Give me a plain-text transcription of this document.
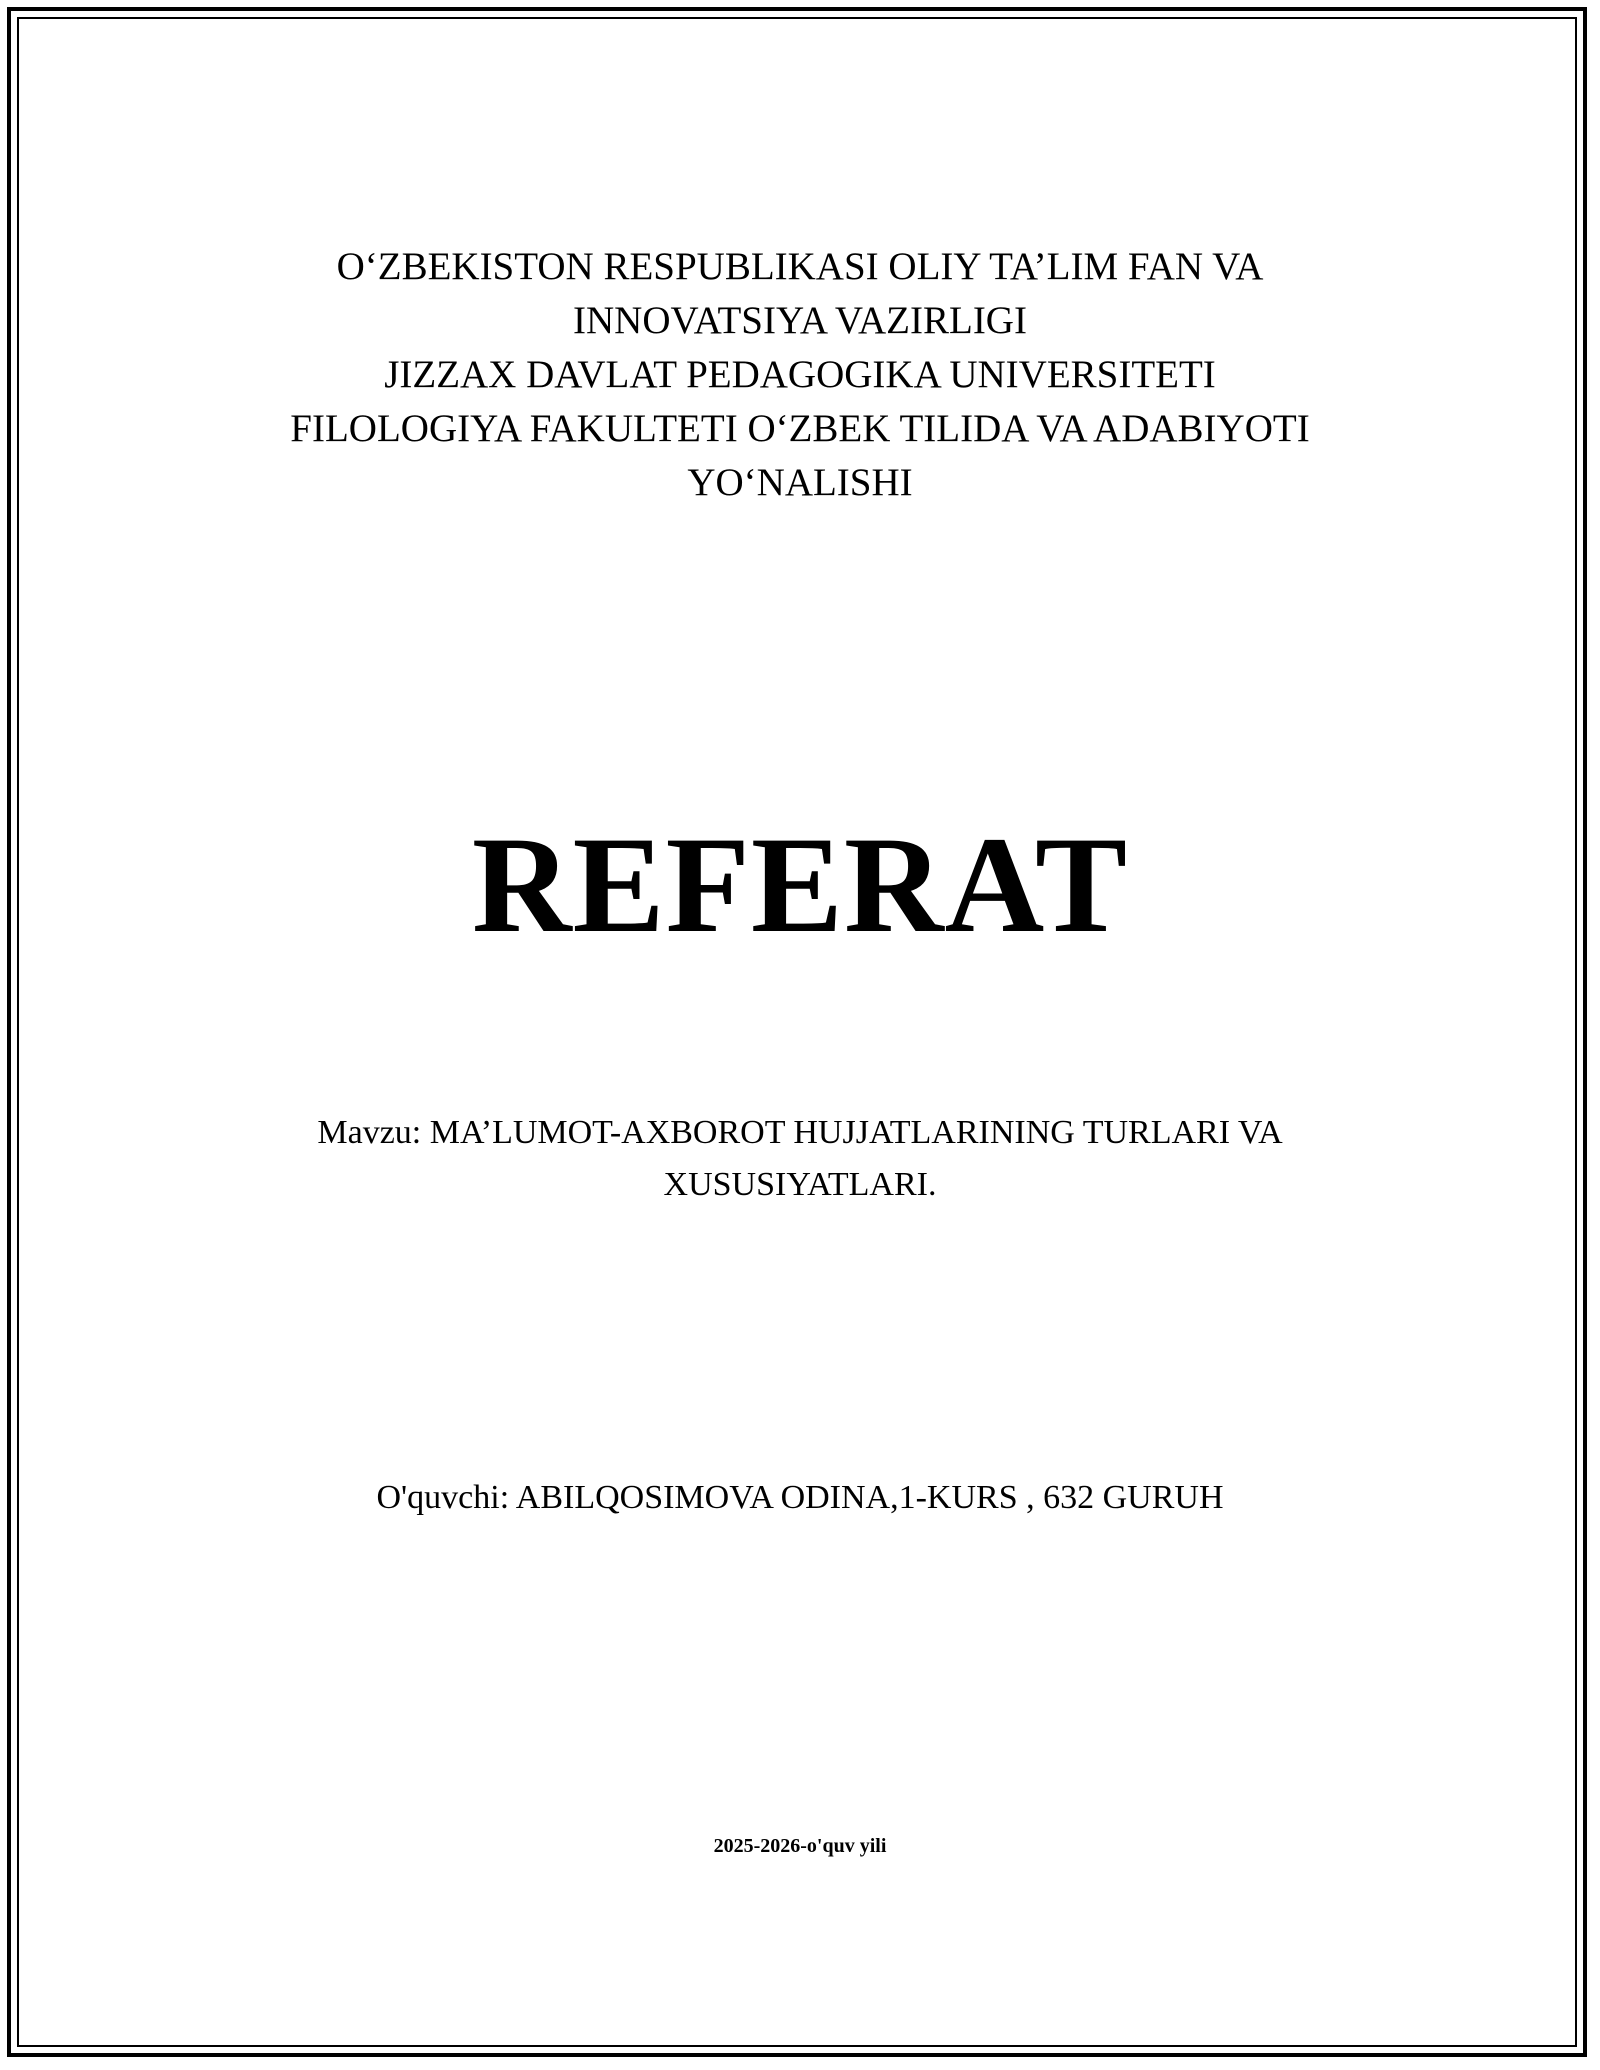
O‘ZBEKISTON RESPUBLIKASI OLIY TA’LIM FAN VA
INNOVATSIYA VAZIRLIGI
JIZZAX DAVLAT PEDAGOGIKA UNIVERSITETI
FILOLOGIYA FAKULTETI O‘ZBEK TILIDA VA ADABIYOTI
YO‘NALISHI
REFERAT
Mavzu: MA’LUMOT-AXBOROT HUJJATLARINING TURLARI VA
XUSUSIYATLARI.
O'quvchi: ABILQOSIMOVA ODINA,1-KURS , 632 GURUH
2025-2026-o'quv yili
